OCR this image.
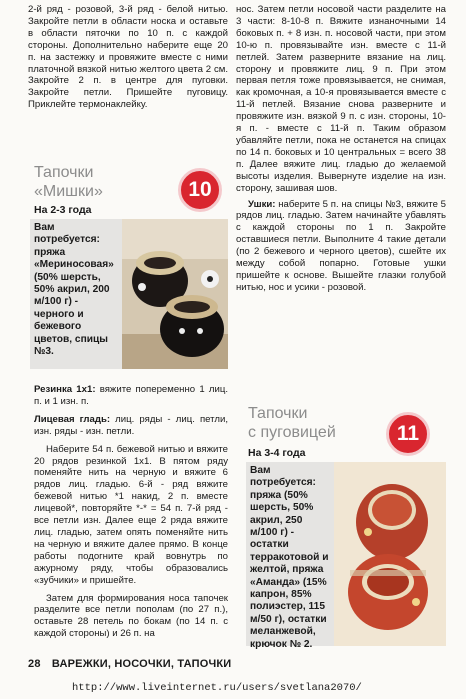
2-й ряд - розовой, 3-й ряд - белой нитью. Закройте петли в области носка и оставьте в области пяточки по 10 п. с каждой стороны. Дополнительно наберите еще 20 п. на застежку и провяжите вместе с ними платочной вязкой нитью желтого цвета 2 см. Закройте 2 п. в центре для пуговки. Закройте петли. Пришейте пуговицу. Приклейте термонаклейку.

Тапочки
«Мишки»	10
На 2-3 года
Вам потребуется: пряжа «Мериносовая» (50% шерсть, 50% акрил, 200 м/100 г) - черного и бежевого цветов, спицы №3.

Резинка 1х1: вяжите попеременно 1 лиц. п. и 1 изн. п.

Лицевая гладь: лиц. ряды - лиц. петли, изн. ряды - изн. петли.

Наберите 54 п. бежевой нитью и вяжите 20 рядов резинкой 1х1. В пятом ряду поменяйте нить на черную и вяжите 6 рядов лиц. гладью. 6-й - ряд вяжите бежевой нитью *1 накид, 2 п. вместе лицевой*, повторяйте *-* = 54 п. 7-й ряд - все петли изн. Далее еще 2 ряда вяжите лиц. гладью, затем опять поменяйте нить на черную и вяжите далее прямо. В конце работы подогните край вовнутрь по ажурному ряду, чтобы образовались «зубчики» и пришейте.

Затем для формирования носа тапочек разделите все петли пополам (по 27 п.), оставьте 28 петель по бокам (по 14 п. с каждой стороны) и 26 п. на

нос. Затем петли носовой части разделите на 3 части: 8-10-8 п. Вяжите изнаночными 14 боковых п. + 8 изн. п. носовой части, при этом 10-ю п. провязывайте изн. вместе с 11-й петлей. Затем разверните вязание на лиц. сторону и провяжите лиц. 9 п. При этом первая петля тоже провязывается, не снимая, как кромочная, а 10-я провязывается вместе с 11-й петлей. Вязание снова разверните и провяжите изн. вязкой 9 п. с изн. стороны, 10-я п. - вместе с 11-й п. Таким образом убавляйте петли, пока не останется на спицах по 14 п. боковых и 10 центральных = всего 38 п. Далее вяжите лиц. гладью до желаемой высоты изделия. Вывернуте изделие на изн. сторону, зашивая шов.

Ушки: наберите 5 п. на спицы №3, вяжите 5 рядов лиц. гладью. Затем начинайте убавлять с каждой стороны по 1 п. Закройте оставшиеся петли. Выполните 4 такие детали (по 2 бежевого и черного цветов), сшейте их между собой попарно. Готовые ушки пришейте к основе. Вышейте глазки голубой нитью, нос и усики - розовой.

Тапочки
с пуговицей	11
На 3-4 года
Вам потребуется: пряжа (50% шерсть, 50% акрил, 250 м/100 г) - остатки терракотовой и желтой, пряжа «Аманда» (15% капрон, 85% полиэстер, 115 м/50 г), остатки меланжевой, крючок № 2.
28 ВАРЕЖКИ, НОСОЧКИ, ТАПОЧКИ
http://www.liveinternet.ru/users/svetlana2070/
